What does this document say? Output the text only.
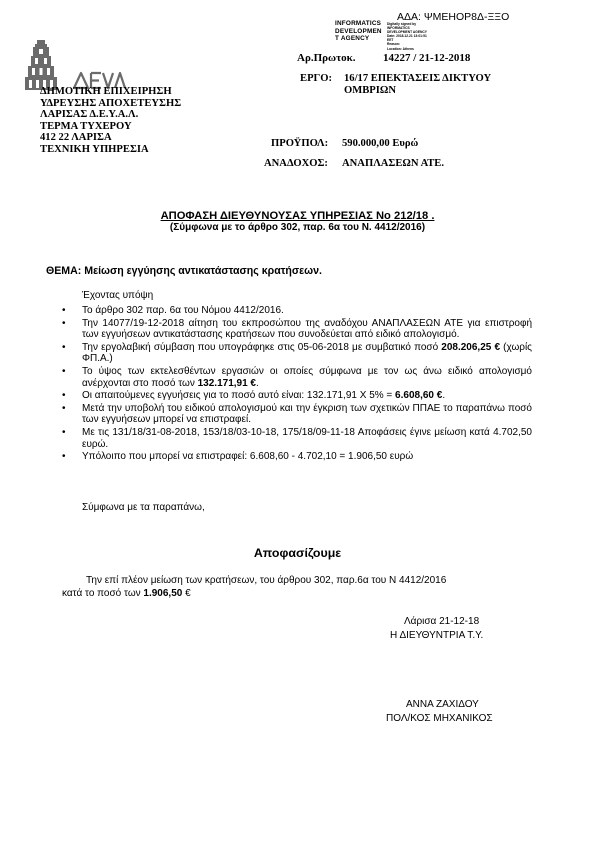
ΑΔΑ: ΨΜΕΗΟΡ8Δ-ΞΞΟ
INFORMATICS
DEVELOPMEN
T AGENCY
Digitally signed by
INFORMATICS
DEVELOPMENT AGENCY
Date: 2018.12.21 13:01:51
EET
Reason:
Location: Athens
ΔΗΜΟΤΙΚΗ ΕΠΙΧΕΙΡΗΣΗ
ΥΔΡΕΥΣΗΣ ΑΠΟΧΕΤΕΥΣΗΣ
ΛΑΡΙΣΑΣ Δ.Ε.Υ.Α.Λ.
ΤΕΡΜΑ ΤΥΧΕΡΟΥ
412 22 ΛΑΡΙΣΑ
ΤΕΧΝΙΚΗ ΥΠΗΡΕΣΙΑ
Αρ.Πρωτοκ.	14227 / 21-12-2018
ΕΡΓΟ: 16/17 ΕΠΕΚΤΑΣΕΙΣ ΔΙΚΤΥΟΥ ΟΜΒΡΙΩΝ
ΠΡΟΫΠΟΛ: 590.000,00 Ευρώ
ΑΝΑΔΟΧΟΣ: ΑΝΑΠΛΑΣΕΩΝ ΑΤΕ.
ΑΠΟΦΑΣΗ ΔΙΕΥΘΥΝΟΥΣΑΣ ΥΠΗΡΕΣΙΑΣ Νο 212/18 .
(Σύμφωνα με το άρθρο 302, παρ. 6α του Ν. 4412/2016)
ΘΕΜΑ: Μείωση εγγύησης αντικατάστασης κρατήσεων.
Έχοντας υπόψη
• Το άρθρο 302 παρ. 6α του Νόμου 4412/2016.
• Την 14077/19-12-2018 αίτηση του εκπροσώπου της αναδόχου ΑΝΑΠΛΑΣΕΩΝ ΑΤΕ για επιστροφή των εγγυήσεων αντικατάστασης κρατήσεων που συνοδεύεται από ειδικό απολογισμό.
• Την εργολαβική σύμβαση που υπογράφηκε στις 05-06-2018 με συμβατικό ποσό 208.206,25 € (χωρίς ΦΠ.Α.)
• Το ύψος των εκτελεσθέντων εργασιών οι οποίες σύμφωνα με τον ως άνω ειδικό απολογισμό ανέρχονται στο ποσό των 132.171,91 €.
• Οι απαιτούμενες εγγυήσεις για το ποσό αυτό είναι: 132.171,91 Χ 5% = 6.608,60 €.
• Μετά την υποβολή του ειδικού απολογισμού και την έγκριση των σχετικών ΠΠΑΕ το παραπάνω ποσό των εγγυήσεων μπορεί να επιστραφεί.
• Με τις 131/18/31-08-2018, 153/18/03-10-18, 175/18/09-11-18 Αποφάσεις έγινε μείωση κατά 4.702,50 ευρώ.
• Υπόλοιπο που μπορεί να επιστραφεί: 6.608,60 - 4.702,10 = 1.906,50 ευρώ
Σύμφωνα με τα παραπάνω,
Αποφασίζουμε
Την επί πλέον μείωση των κρατήσεων, του άρθρου 302, παρ.6α του Ν 4412/2016
κατά το ποσό των 1.906,50 €
Λάρισα 21-12-18
Η ΔΙΕΥΘΥΝΤΡΙΑ Τ.Υ.
ΑΝΝΑ ΖΑΧΙΔΟΥ
ΠΟΛ/ΚΟΣ ΜΗΧΑΝΙΚΟΣ
